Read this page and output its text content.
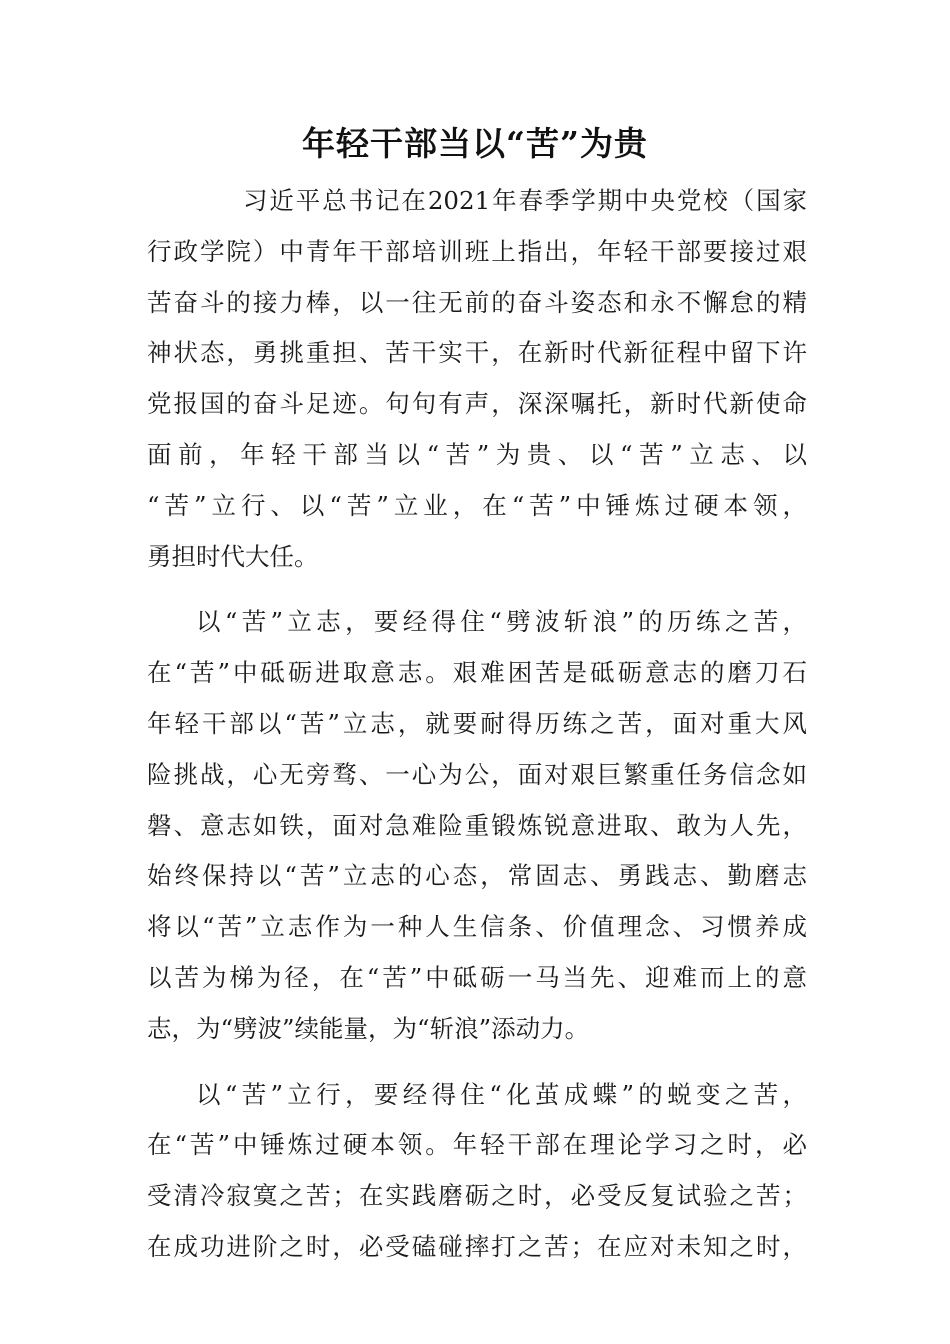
年轻干部当以“苦”为贵
习近平总书记在2021年春季学期中央党校（国家
行政学院）中青年干部培训班上指出，年轻干部要接过艰
苦奋斗的接力棒，以一往无前的奋斗姿态和永不懈怠的精
神状态，勇挑重担、苦干实干，在新时代新征程中留下许
党报国的奋斗足迹。句句有声，深深嘱托，新时代新使命
面前，年轻干部当以“苦”为贵、以“苦”立志、以
“苦”立行、以“苦”立业，在“苦”中锤炼过硬本领，
勇担时代大任。
以“苦”立志，要经得住“劈波斩浪”的历练之苦，
在“苦”中砥砺进取意志。艰难困苦是砥砺意志的磨刀石
年轻干部以“苦”立志，就要耐得历练之苦，面对重大风
险挑战，心无旁骛、一心为公，面对艰巨繁重任务信念如
磐、意志如铁，面对急难险重锻炼锐意进取、敢为人先，
始终保持以“苦”立志的心态，常固志、勇践志、勤磨志
将以“苦”立志作为一种人生信条、价值理念、习惯养成
以苦为梯为径，在“苦”中砥砺一马当先、迎难而上的意
志，为“劈波”续能量，为“斩浪”添动力。
以“苦”立行，要经得住“化茧成蝶”的蜕变之苦，
在“苦”中锤炼过硬本领。年轻干部在理论学习之时，必
受清冷寂寞之苦；在实践磨砺之时，必受反复试验之苦；
在成功进阶之时，必受磕碰摔打之苦；在应对未知之时，
